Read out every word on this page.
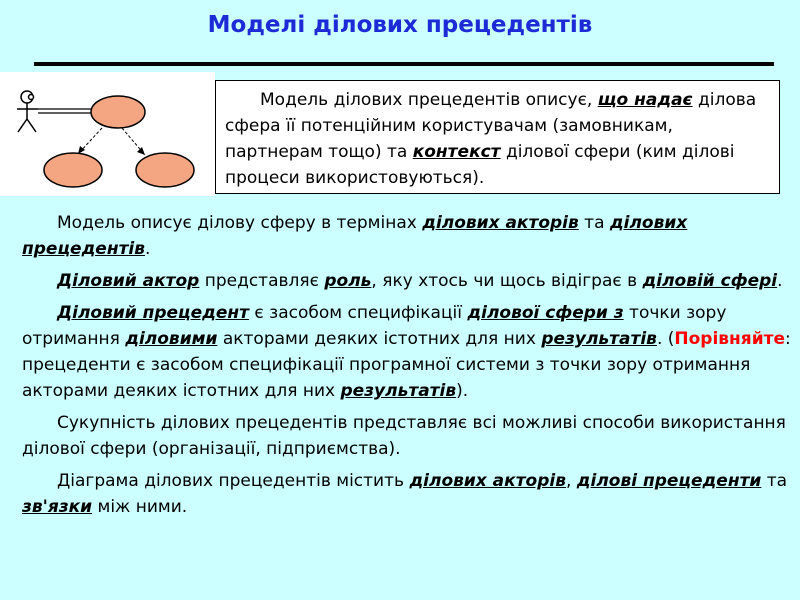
Моделі ділових прецедентів

Модель ділових прецедентів описує, що надає ділова сфера її потенційним користувачам (замовникам, партнерам тощо) та контекст ділової сфери (ким ділові процеси використовуються).

Модель описує ділову сферу в термінах ділових акторів та ділових прецедентів.

Діловий актор представляє роль, яку хтось чи щось відіграє в діловій сфері.

Діловий прецедент є засобом специфікації ділової сфери з точки зору отримання діловими акторами деяких істотних для них результатів. (Порівняйте: прецеденти є засобом специфікації програмної системи з точки зору отримання акторами деяких істотних для них результатів).

Сукупність ділових прецедентів представляє всі можливі способи використання ділової сфери (організації, підприємства).

Діаграма ділових прецедентів містить ділових акторів, ділові прецеденти та зв'язки між ними.
